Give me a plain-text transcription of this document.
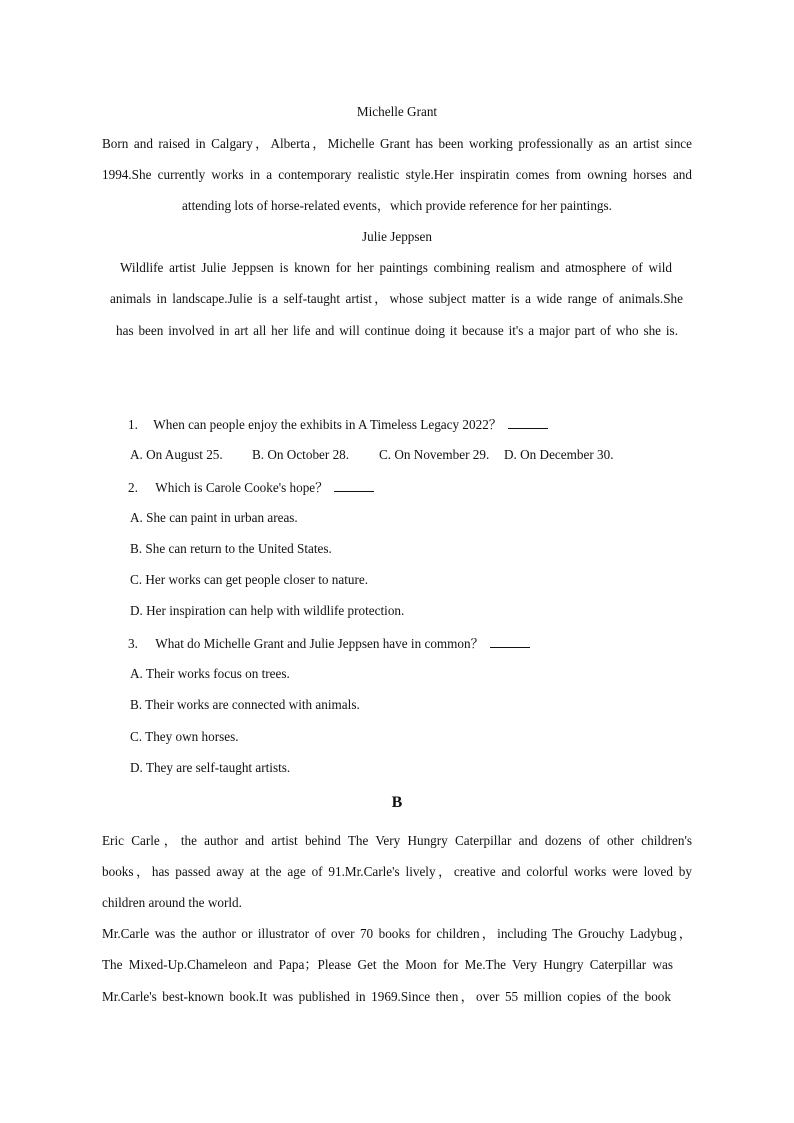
Michelle Grant
Born and raised in Calgary，Alberta，Michelle Grant has been working professionally as an artist since
1994.She currently works in a contemporary realistic style.Her inspiratin comes from owning horses and
attending lots of horse-related events，which provide reference for her paintings.
Julie Jeppsen
Wildlife artist Julie Jeppsen is known for her paintings combining realism and atmosphere of wild
animals in landscape.Julie is a self-taught artist，whose subject matter is a wide range of animals.She
has been involved in art all her life and will continue doing it because it's a major part of who she is.
1. When can people enjoy the exhibits in A Timeless Legacy 2022？
A. On August 25. B. On October 28. C. On November 29. D. On December 30.
2. Which is Carole Cooke's hope？
A. She can paint in urban areas.
B. She can return to the United States.
C. Her works can get people closer to nature.
D. Her inspiration can help with wildlife protection.
3. What do Michelle Grant and Julie Jeppsen have in common？
A. Their works focus on trees.
B. Their works are connected with animals.
C. They own horses.
D. They are self-taught artists.
B
Eric Carle，the author and artist behind The Very Hungry Caterpillar and dozens of other children's
books，has passed away at the age of 91.Mr.Carle's lively，creative and colorful works were loved by
children around the world.
Mr.Carle was the author or illustrator of over 70 books for children，including The Grouchy Ladybug，
The Mixed-Up.Chameleon and Papa；Please Get the Moon for Me.The Very Hungry Caterpillar was
Mr.Carle's best-known book.It was published in 1969.Since then，over 55 million copies of the book
